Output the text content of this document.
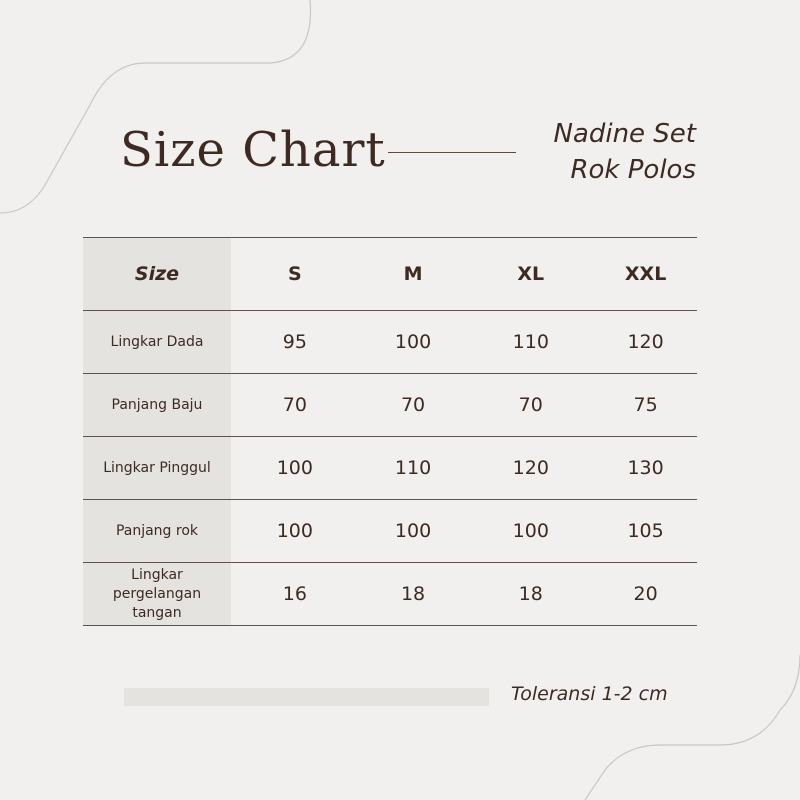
Size Chart	Nadine Set
Rok Polos
Size	S	M	XL	XXL
Lingkar Dada	95	100	110	120
Panjang Baju	70	70	70	75
Lingkar Pinggul	100	110	120	130
Panjang rok	100	100	100	105
Lingkar pergelangan tangan	16	18	18	20
Toleransi 1-2 cm
